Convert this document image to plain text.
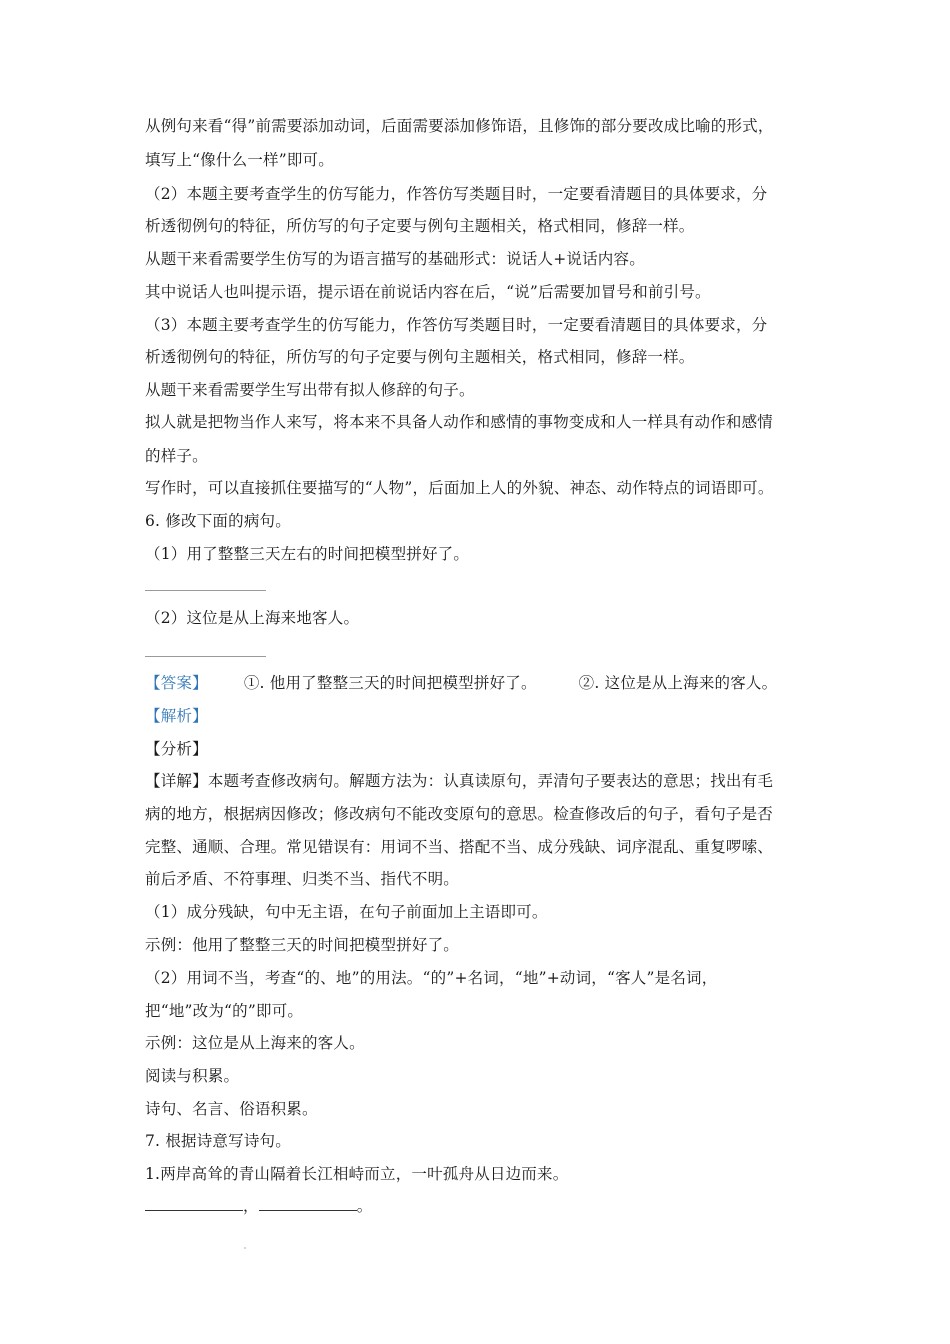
从例句来看“得”前需要添加动词，后面需要添加修饰语，且修饰的部分要改成比喻的形式，
填写上“像什么一样”即可。
（2）本题主要考查学生的仿写能力，作答仿写类题目时，一定要看清题目的具体要求，分
析透彻例句的特征，所仿写的句子定要与例句主题相关，格式相同，修辞一样。
从题干来看需要学生仿写的为语言描写的基础形式：说话人+说话内容。
其中说话人也叫提示语，提示语在前说话内容在后，“说”后需要加冒号和前引号。
（3）本题主要考查学生的仿写能力，作答仿写类题目时，一定要看清题目的具体要求，分
析透彻例句的特征，所仿写的句子定要与例句主题相关，格式相同，修辞一样。
从题干来看需要学生写出带有拟人修辞的句子。
拟人就是把物当作人来写，将本来不具备人动作和感情的事物变成和人一样具有动作和感情
的样子。
写作时，可以直接抓住要描写的“人物”，后面加上人的外貌、神态、动作特点的词语即可。
6. 修改下面的病句。
（1）用了整整三天左右的时间把模型拼好了。
（2）这位是从上海来地客人。
【答案】 ①. 他用了整整三天的时间把模型拼好了。	②. 这位是从上海来的客人。
【解析】
【分析】
【详解】本题考查修改病句。解题方法为：认真读原句，弄清句子要表达的意思；找出有毛
病的地方，根据病因修改；修改病句不能改变原句的意思。检查修改后的句子，看句子是否
完整、通顺、合理。常见错误有：用词不当、搭配不当、成分残缺、词序混乱、重复啰嗦、
前后矛盾、不符事理、归类不当、指代不明。
（1）成分残缺，句中无主语，在句子前面加上主语即可。
示例：他用了整整三天的时间把模型拼好了。
（2）用词不当，考查“的、地”的用法。“的”+名词，“地”+动词，“客人”是名词，
把“地”改为“的”即可。
示例：这位是从上海来的客人。
阅读与积累。
诗句、名言、俗语积累。
7. 根据诗意写诗句。
1.两岸高耸的青山隔着长江相峙而立，一叶孤舟从日边而来。
，	。
